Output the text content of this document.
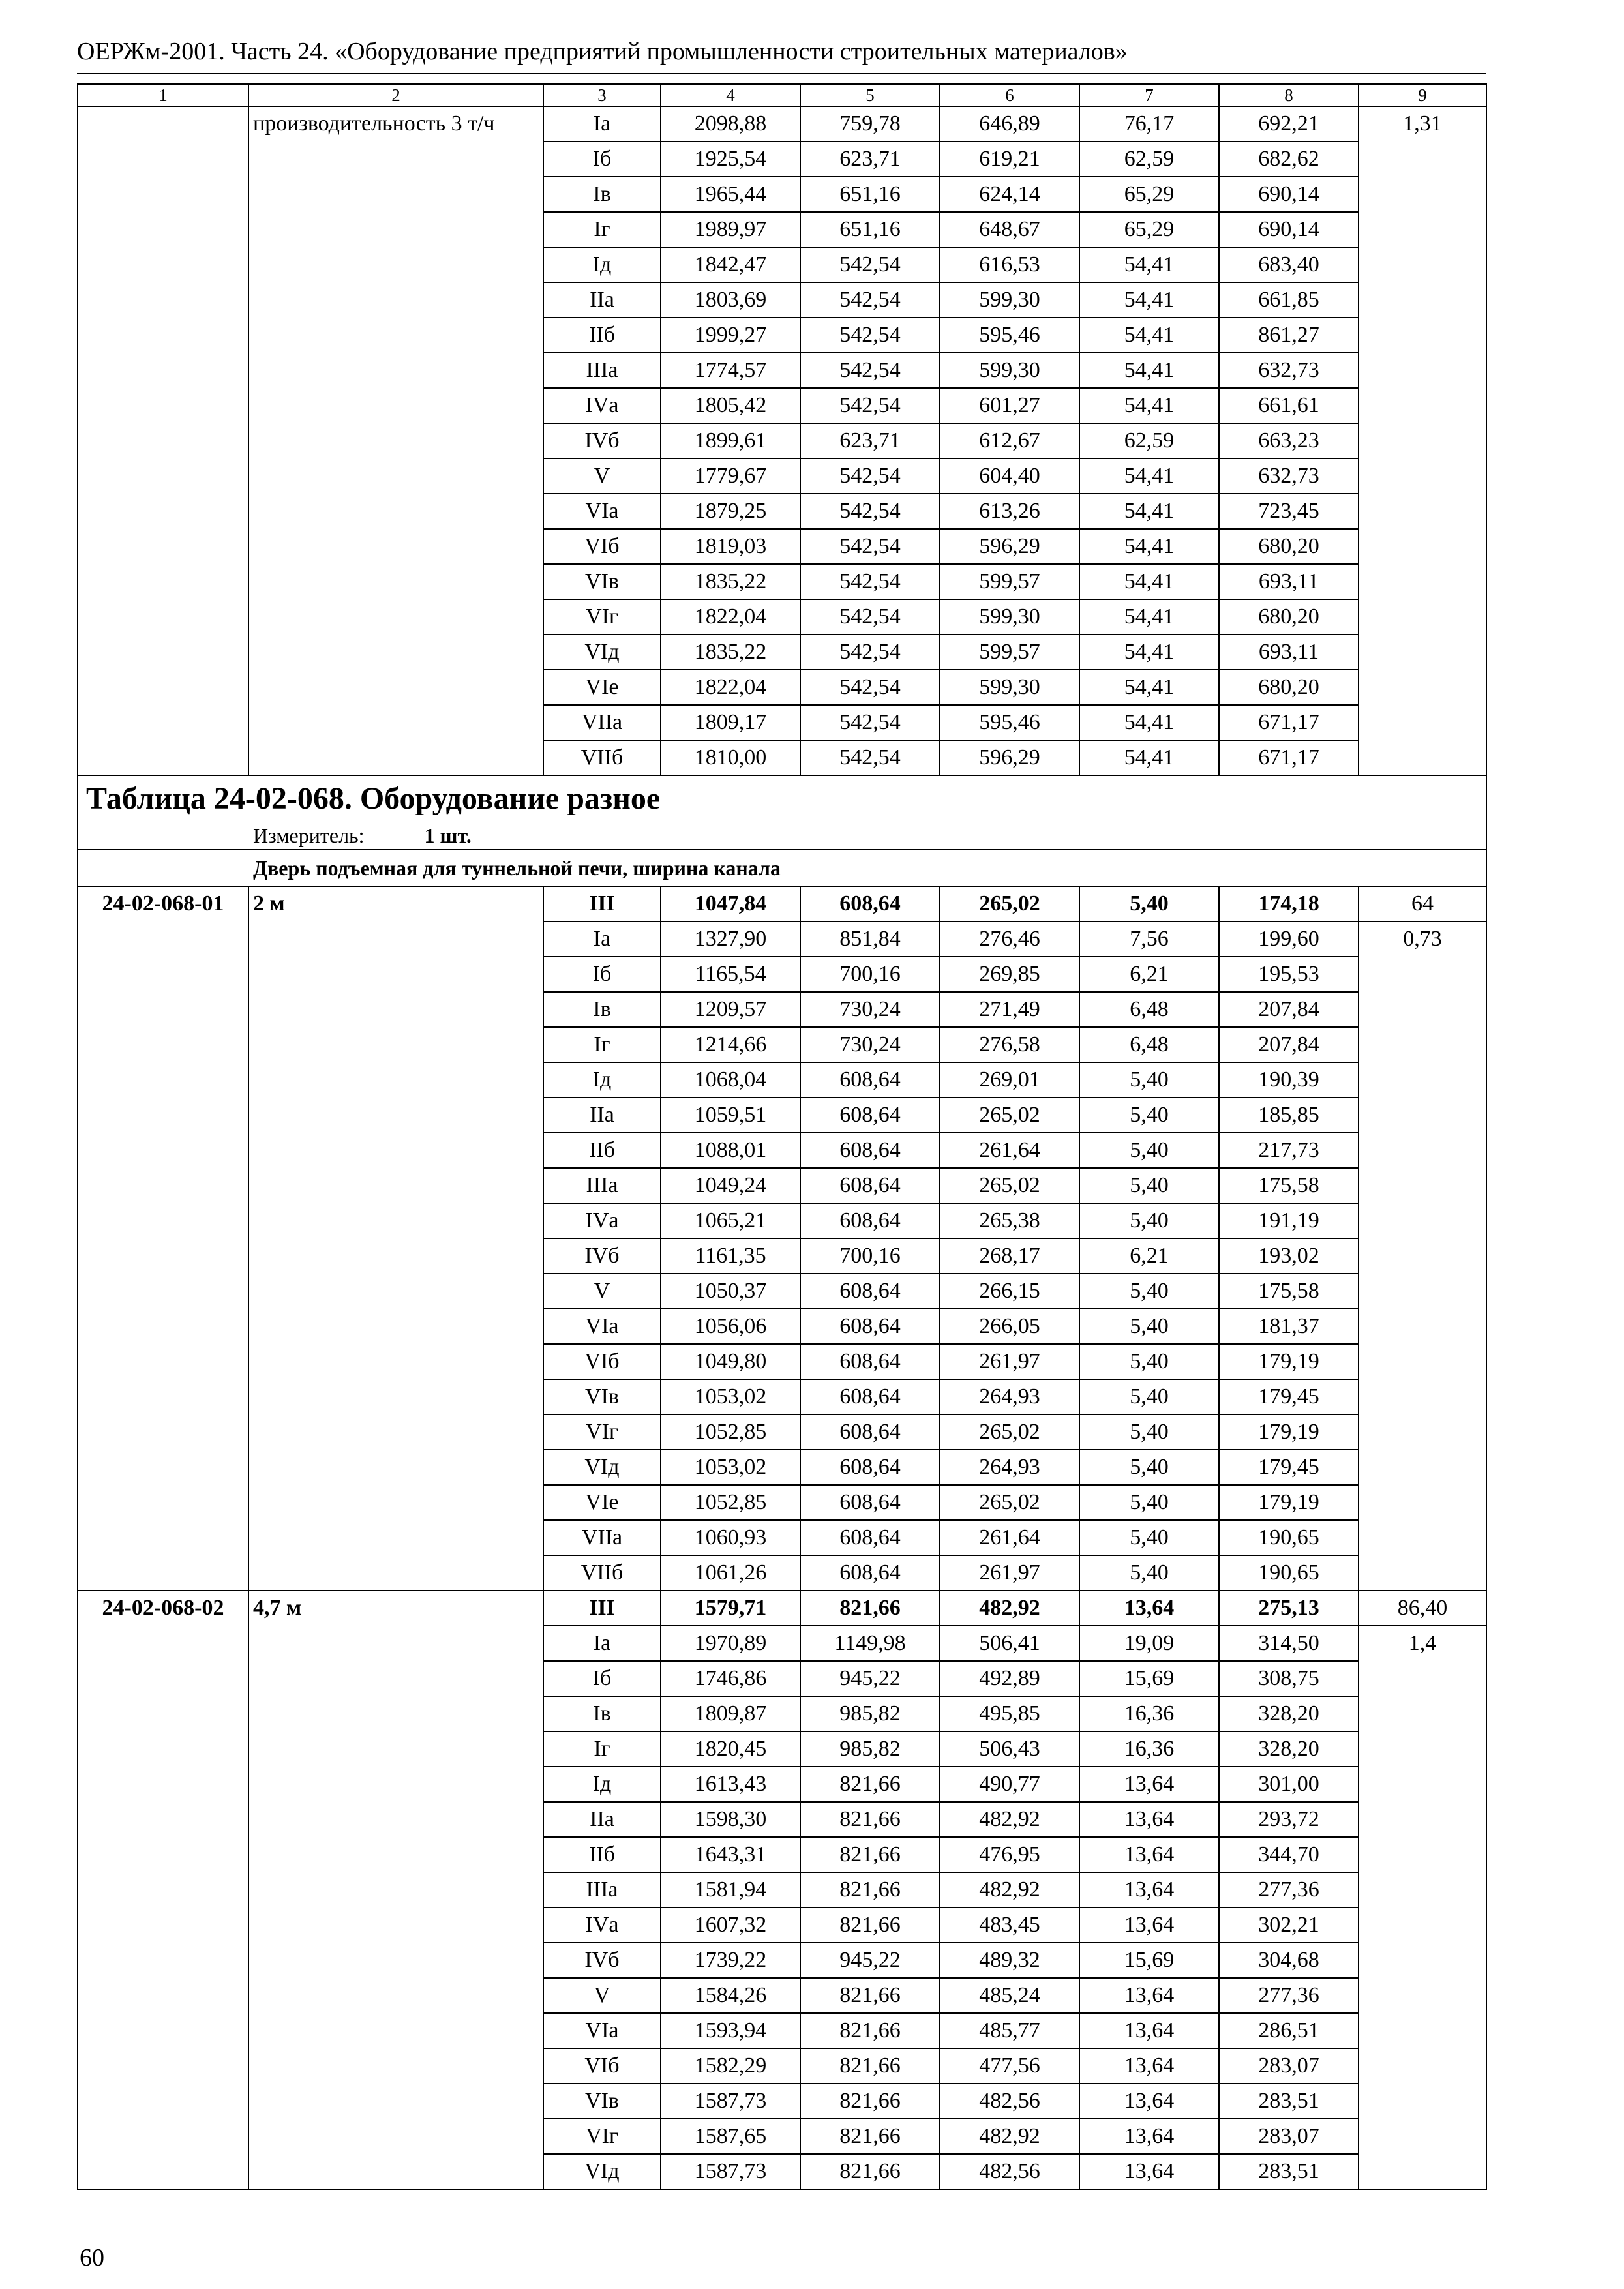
ОЕРЖм-2001. Часть 24. «Оборудование предприятий промышленности строительных материалов»
1	2	3	4	5	6	7	8	9
	производительность 3 т/ч	Iа	2098,88	759,78	646,89	76,17	692,21	1,31
		Iб	1925,54	623,71	619,21	62,59	682,62	
		Iв	1965,44	651,16	624,14	65,29	690,14	
		Iг	1989,97	651,16	648,67	65,29	690,14	
		Iд	1842,47	542,54	616,53	54,41	683,40	
		IIа	1803,69	542,54	599,30	54,41	661,85	
		IIб	1999,27	542,54	595,46	54,41	861,27	
		IIIа	1774,57	542,54	599,30	54,41	632,73	
		IVа	1805,42	542,54	601,27	54,41	661,61	
		IVб	1899,61	623,71	612,67	62,59	663,23	
		V	1779,67	542,54	604,40	54,41	632,73	
		VIа	1879,25	542,54	613,26	54,41	723,45	
		VIб	1819,03	542,54	596,29	54,41	680,20	
		VIв	1835,22	542,54	599,57	54,41	693,11	
		VIг	1822,04	542,54	599,30	54,41	680,20	
		VIд	1835,22	542,54	599,57	54,41	693,11	
		VIе	1822,04	542,54	599,30	54,41	680,20	
		VIIа	1809,17	542,54	595,46	54,41	671,17	
		VIIб	1810,00	542,54	596,29	54,41	671,17	
Таблица 24-02-068. Оборудование разное								
Измеритель: 1 шт.								
Дверь подъемная для туннельной печи, ширина канала								
24-02-068-01	2 м	III	1047,84	608,64	265,02	5,40	174,18	64
		Iа	1327,90	851,84	276,46	7,56	199,60	0,73
		Iб	1165,54	700,16	269,85	6,21	195,53	
		Iв	1209,57	730,24	271,49	6,48	207,84	
		Iг	1214,66	730,24	276,58	6,48	207,84	
		Iд	1068,04	608,64	269,01	5,40	190,39	
		IIа	1059,51	608,64	265,02	5,40	185,85	
		IIб	1088,01	608,64	261,64	5,40	217,73	
		IIIа	1049,24	608,64	265,02	5,40	175,58	
		IVа	1065,21	608,64	265,38	5,40	191,19	
		IVб	1161,35	700,16	268,17	6,21	193,02	
		V	1050,37	608,64	266,15	5,40	175,58	
		VIа	1056,06	608,64	266,05	5,40	181,37	
		VIб	1049,80	608,64	261,97	5,40	179,19	
		VIв	1053,02	608,64	264,93	5,40	179,45	
		VIг	1052,85	608,64	265,02	5,40	179,19	
		VIд	1053,02	608,64	264,93	5,40	179,45	
		VIе	1052,85	608,64	265,02	5,40	179,19	
		VIIа	1060,93	608,64	261,64	5,40	190,65	
		VIIб	1061,26	608,64	261,97	5,40	190,65	
24-02-068-02	4,7 м	III	1579,71	821,66	482,92	13,64	275,13	86,40
		Iа	1970,89	1149,98	506,41	19,09	314,50	1,4
		Iб	1746,86	945,22	492,89	15,69	308,75	
		Iв	1809,87	985,82	495,85	16,36	328,20	
		Iг	1820,45	985,82	506,43	16,36	328,20	
		Iд	1613,43	821,66	490,77	13,64	301,00	
		IIа	1598,30	821,66	482,92	13,64	293,72	
		IIб	1643,31	821,66	476,95	13,64	344,70	
		IIIа	1581,94	821,66	482,92	13,64	277,36	
		IVа	1607,32	821,66	483,45	13,64	302,21	
		IVб	1739,22	945,22	489,32	15,69	304,68	
		V	1584,26	821,66	485,24	13,64	277,36	
		VIа	1593,94	821,66	485,77	13,64	286,51	
		VIб	1582,29	821,66	477,56	13,64	283,07	
		VIв	1587,73	821,66	482,56	13,64	283,51	
		VIг	1587,65	821,66	482,92	13,64	283,07	
		VIд	1587,73	821,66	482,56	13,64	283,51	
60
